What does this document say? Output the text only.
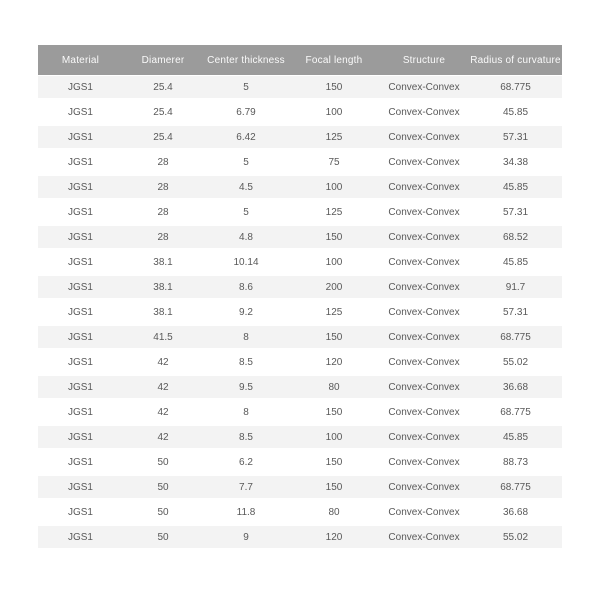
Material	Diamerer	Center thickness	Focal length	Structure	Radius of curvature
JGS1	25.4	5	150	Convex-Convex	68.775
JGS1	25.4	6.79	100	Convex-Convex	45.85
JGS1	25.4	6.42	125	Convex-Convex	57.31
JGS1	28	5	75	Convex-Convex	34.38
JGS1	28	4.5	100	Convex-Convex	45.85
JGS1	28	5	125	Convex-Convex	57.31
JGS1	28	4.8	150	Convex-Convex	68.52
JGS1	38.1	10.14	100	Convex-Convex	45.85
JGS1	38.1	8.6	200	Convex-Convex	91.7
JGS1	38.1	9.2	125	Convex-Convex	57.31
JGS1	41.5	8	150	Convex-Convex	68.775
JGS1	42	8.5	120	Convex-Convex	55.02
JGS1	42	9.5	80	Convex-Convex	36.68
JGS1	42	8	150	Convex-Convex	68.775
JGS1	42	8.5	100	Convex-Convex	45.85
JGS1	50	6.2	150	Convex-Convex	88.73
JGS1	50	7.7	150	Convex-Convex	68.775
JGS1	50	11.8	80	Convex-Convex	36.68
JGS1	50	9	120	Convex-Convex	55.02
